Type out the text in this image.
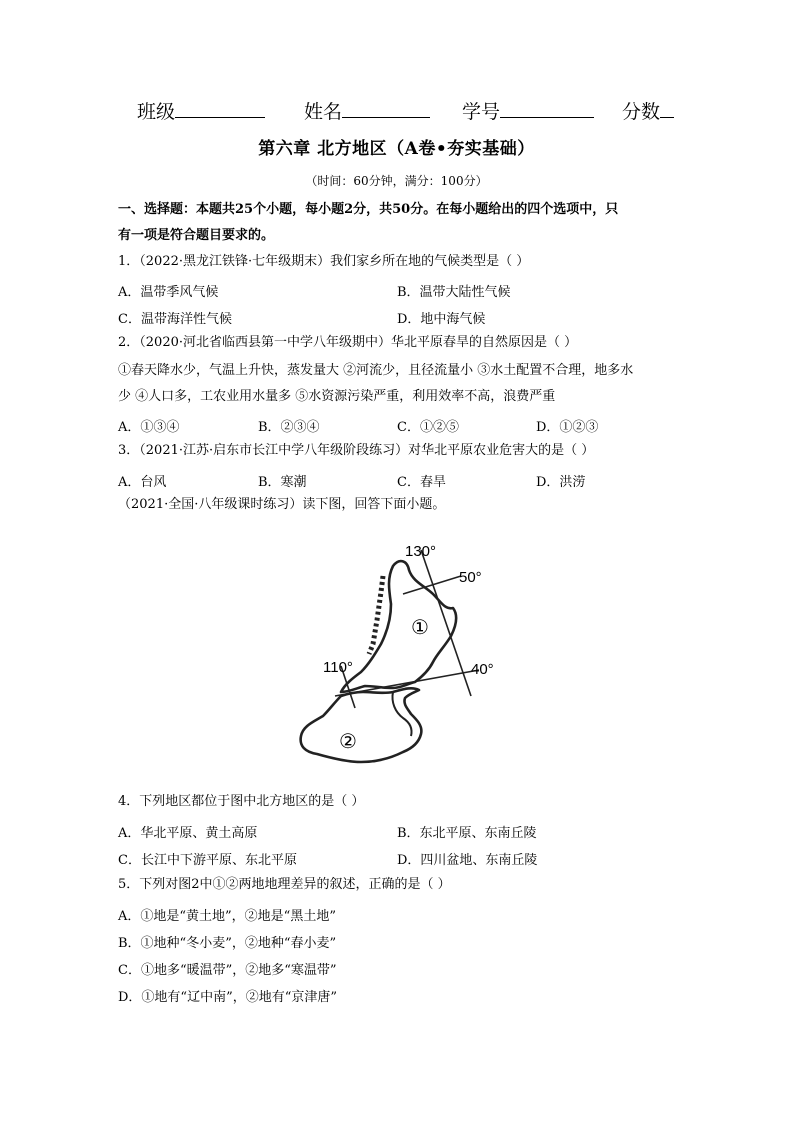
班级	姓名	学号	分数
第六章 北方地区（A卷•夯实基础）
（时间：60分钟，满分：100分）
一、选择题：本题共25个小题，每小题2分，共50分。在每小题给出的四个选项中，只
有一项是符合题目要求的。
1．（2022·黑龙江铁锋·七年级期末）我们家乡所在地的气候类型是（ ）
A．温带季风气候	B．温带大陆性气候
C．温带海洋性气候	D．地中海气候
2．（2020·河北省临西县第一中学八年级期中）华北平原春旱的自然原因是（ ）
①春天降水少，气温上升快，蒸发量大 ②河流少，且径流量小 ③水土配置不合理，地多水
少 ④人口多，工农业用水量多 ⑤水资源污染严重，利用效率不高，浪费严重
A．①③④	B．②③④	C．①②⑤	D．①②③
3．（2021·江苏·启东市长江中学八年级阶段练习）对华北平原农业危害大的是（ ）
A．台风	B．寒潮	C．春旱	D．洪涝
（2021·全国·八年级课时练习）读下图，回答下面小题。
130°
50°
110°	40°
①
②
4．下列地区都位于图中北方地区的是（ ）
A．华北平原、黄土高原	B．东北平原、东南丘陵
C．长江中下游平原、东北平原	D．四川盆地、东南丘陵
5．下列对图2中①②两地地理差异的叙述，正确的是（ ）
A．①地是“黄土地”，②地是“黑土地”
B．①地种“冬小麦”，②地种“春小麦”
C．①地多“暖温带”，②地多“寒温带”
D．①地有“辽中南”，②地有“京津唐”
